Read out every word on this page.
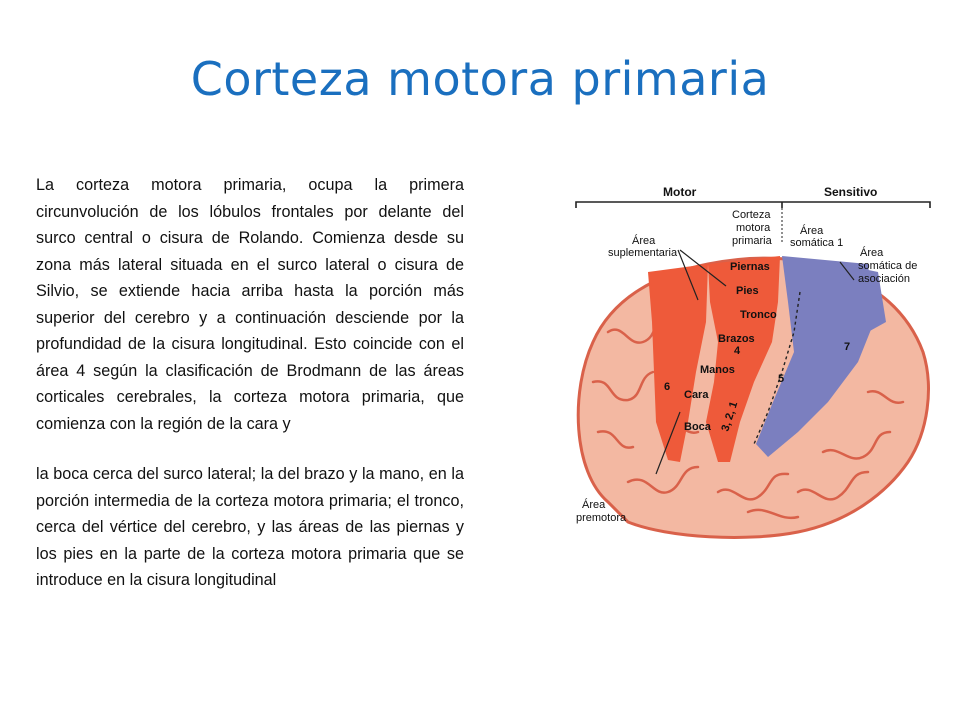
Corteza motora primaria

La corteza motora primaria, ocupa la primera circunvolución de los lóbulos frontales por delante del surco central o cisura de Rolando. Comienza desde su zona más lateral situada en el surco lateral o cisura de Silvio, se extiende hacia arriba hasta la porción más superior del cerebro y a continuación desciende por la profundidad de la cisura longitudinal. Esto coincide con el área 4 según la clasificación de Brodmann de las áreas corticales cerebrales, la corteza motora primaria, que comienza con la región de la cara y

la boca cerca del surco lateral; la del brazo y la mano, en la porción intermedia de la corteza motora primaria; el tronco, cerca del vértice del cerebro, y las áreas de las piernas y los pies en la parte de la corteza motora primaria que se introduce en la cisura longitudinal

Motor	Sensitivo
Área
suplementaria
Corteza
motora
primaria
Área
somática 1
Área
somática de
asociación
Área
premotora
Piernas
Pies
Tronco
Brazos
Manos
Cara
Boca
4
5
6
7
3, 2, 1
